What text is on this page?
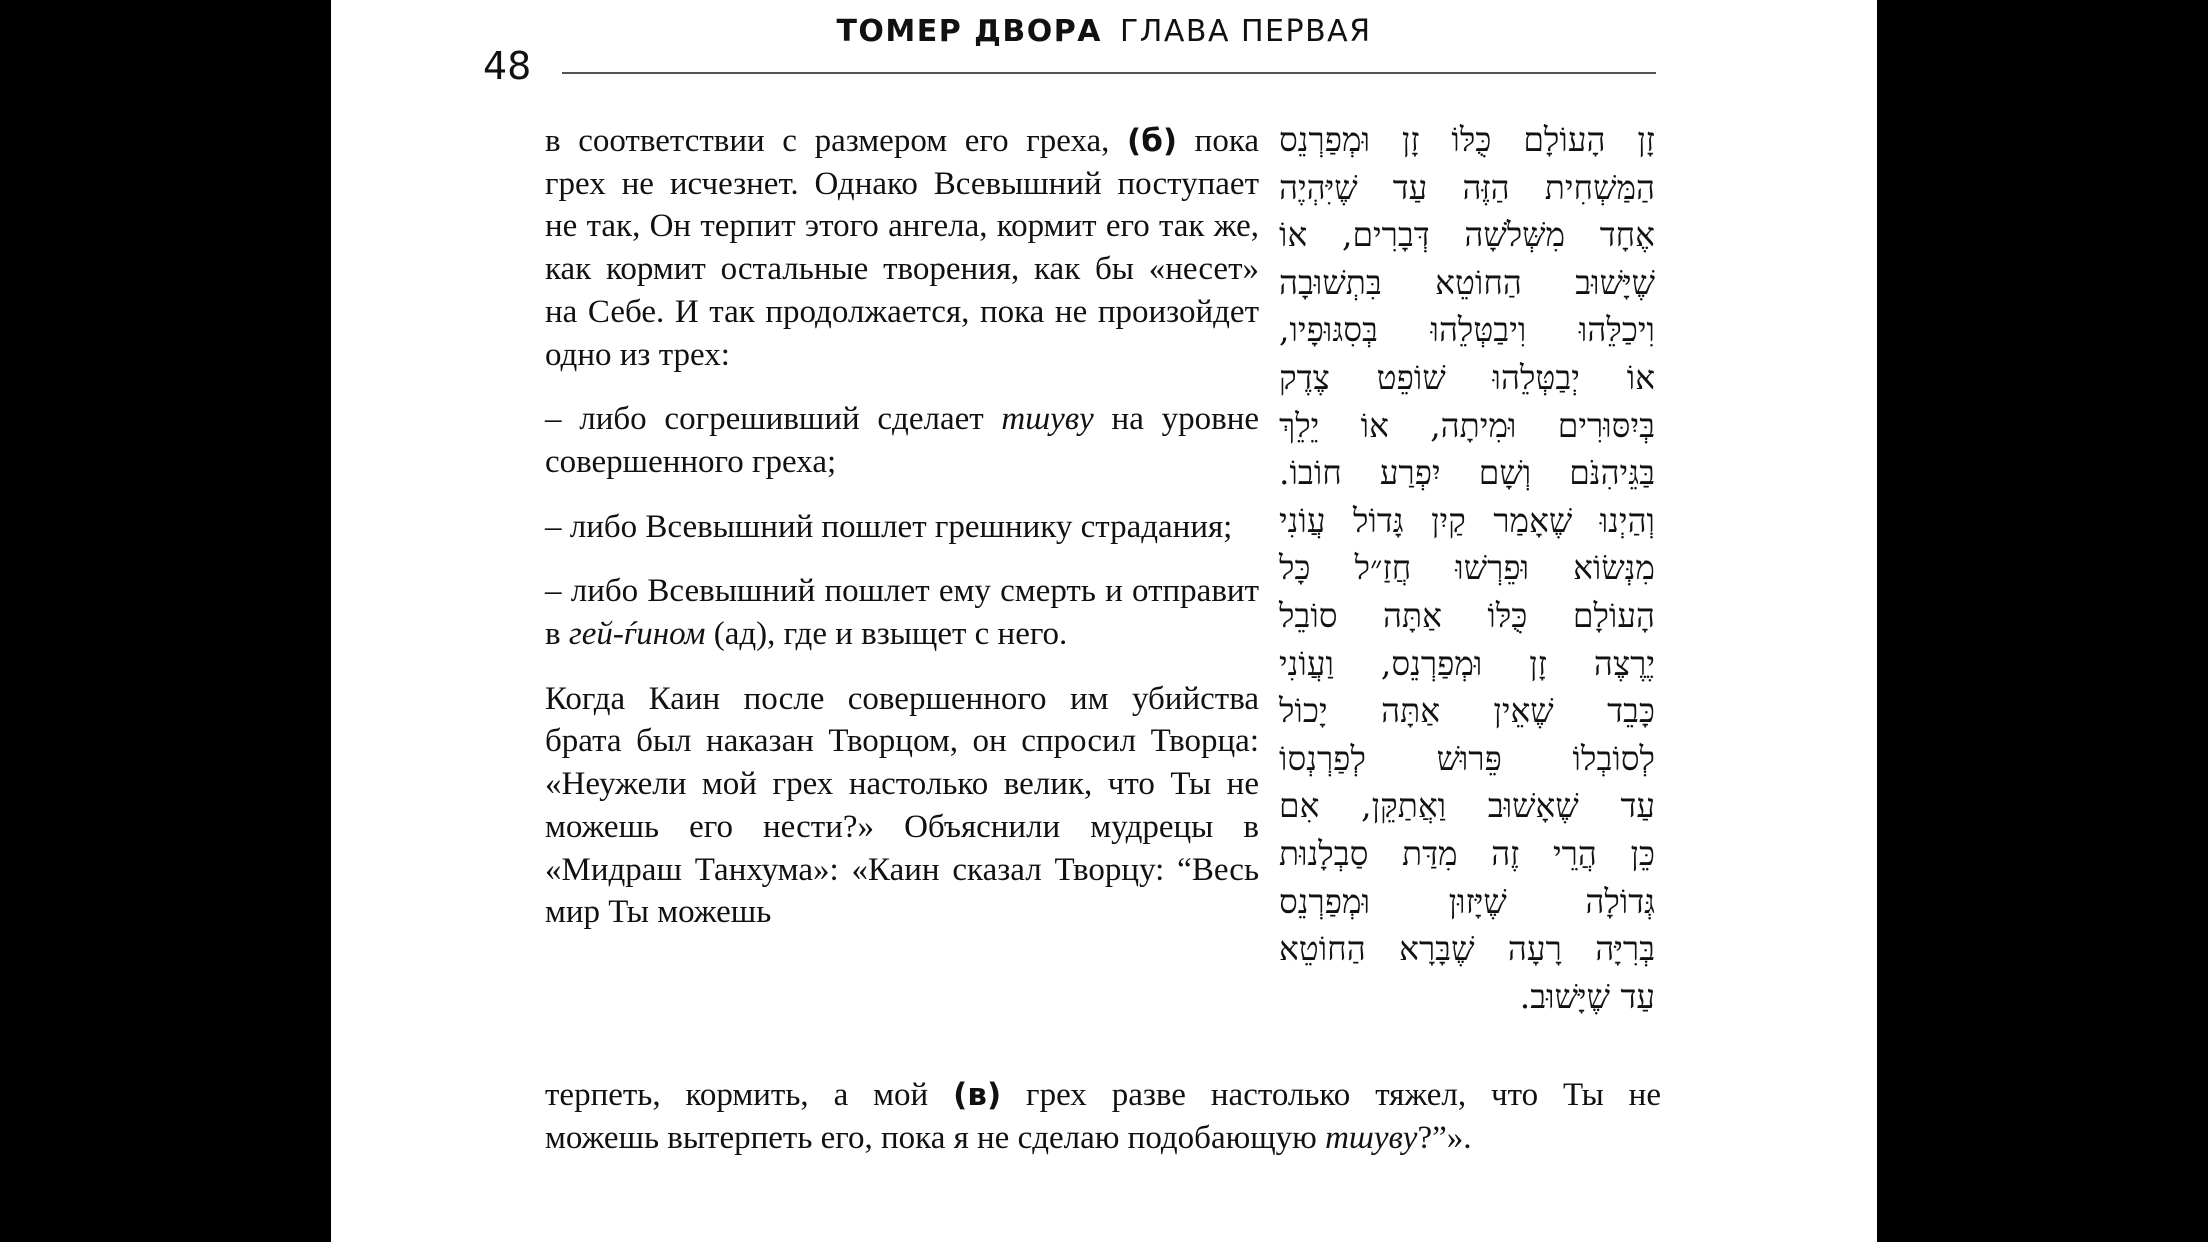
ТОМЕР ДВОРА ГЛАВА ПЕРВАЯ
48

в соответствии с размером его греха, (б) пока грех не исчезнет. Однако Всевышний поступает не так, Он терпит этого ангела, кормит его так же, как кормит остальные творения, как бы «несет» на Себе. И так продолжается, пока не произойдет одно из трех:

– либо согрешивший сделает тшуву на уровне совершенного греха;

– либо Всевышний пошлет грешнику страдания;

– либо Всевышний пошлет ему смерть и отправит в гей-ѓином (ад), где и взыщет с него.

Когда Каин после совершенного им убийства брата был наказан Творцом, он спросил Творца: «Неужели мой грех настолько велик, что Ты не можешь его нести?» Объяснили мудрецы в «Мидраш Танхума»: «Каин сказал Творцу: “Весь мир Ты можешь

זָן הָעוֹלָם כֻּלּוֹ זָן וּמְפַרְנֵס
הַמַּשְׁחִית הַזֶּה עַד שֶׁיִּהְיֶה
אֶחָד מִשְּׁלֹשָׁה דְּבָרִים, אוֹ
שֶׁיָּשׁוּב הַחוֹטֵא בִּתְשׁוּבָה
וִיכַלֵּהוּ וִיבַטְּלֵהוּ בְּסִגּוּפָיו,
אוֹ יְבַטְּלֵהוּ שׁוֹפֵט צֶדֶק
בְּיִסּוּרִים וּמִיתָה, אוֹ יֵלֵךְ
בַּגֵּיהִנֹּם וְשָׁם יִפְרַע חוֹבוֹ.
וְהַיְנוּ שֶׁאָמַר קַיִן גָּדוֹל עֲוֹנִי
מִנְּשׂוֹא וּפֵרְשׁוּ חֲזַ״ל כָּל
הָעוֹלָם כֻּלּוֹ אַתָּה סוֹבֵל
יֶרֶצֶה זָן וּמְפַרְנֵס, וַעֲוֹנִי
כָּבֵד שֶׁאֵין אַתָּה יָכוֹל
לְסוֹבְלוֹ פֵּרוּשׁ לְפַרְנְסוֹ
עַד שֶׁאָשׁוּב וַאֲתַקֵּן, אִם
כֵּן הֲרֵי זֶה מִדַּת סַבְלָנוּת
גְּדוֹלָה שֶׁיָּזוּן וּמְפַרְנֵס
בְּרִיָּה רָעָה שֶׁבָּרָא הַחוֹטֵא
עַד שֶׁיָּשׁוּב.
терпеть, кормить, а мой (в) грех разве настолько тяжел, что Ты не
можешь вытерпеть его, пока я не сделаю подобающую тшуву?”».
